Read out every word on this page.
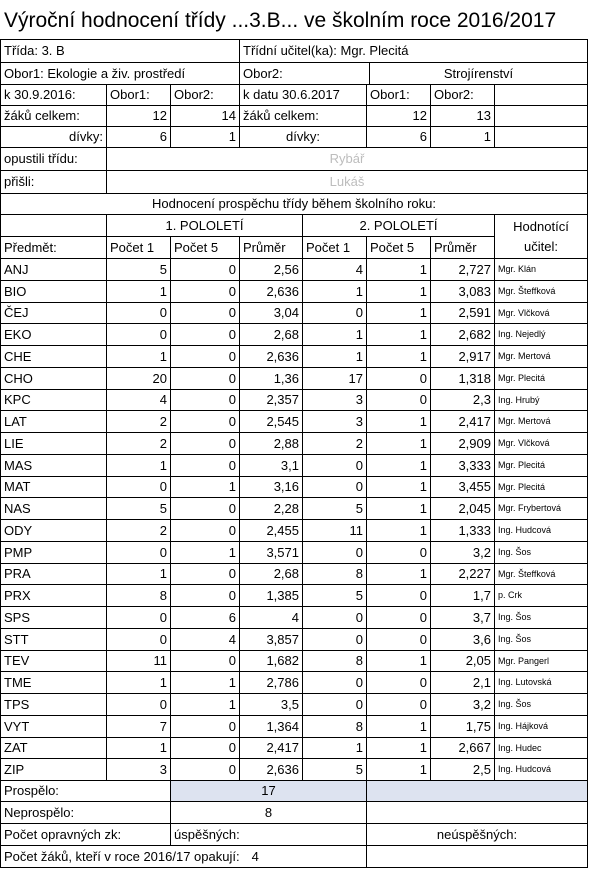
Výroční hodnocení třídy ...3.B... ve školním roce 2016/2017
Třída: 3. B	Třídní učitel(ka): Mgr. Plecitá
Obor1: Ekologie a živ. prostředí	Obor2:	Strojírenství
k 30.9.2016:	Obor1:	Obor2:	k datu 30.6.2017	Obor1:	Obor2:
žáků celkem:	12	14 žáků celkem:	12	13
dívky:	6	1	dívky:	6	1
opustili třídu:	Rybář
přišli:	Lukáš
Hodnocení prospěchu třídy během školního roku:
Předmět:
1. POLOLETÍ	2. POLOLETÍ	Hodnotící
učitel:
Počet 1	Počet 5	Průměr	Počet 1	Počet 5	Průměr
ANJ	5	0	2,56	4	1	2,727 Mgr. Klán
BIO	1	0	2,636	1	1	3,083 Mgr. Šteffková
ČEJ	0	0	3,04	0	1	2,591 Mgr. Vlčková
EKO	0	0	2,68	1	1	2,682 Ing. Nejedlý
CHE	1	0	2,636	1	1	2,917 Mgr. Mertová
CHO	20	0	1,36	17	0	1,318 Mgr. Plecitá
KPC	4	0	2,357	3	0	2,3 Ing. Hrubý
LAT	2	0	2,545	3	1	2,417 Mgr. Mertová
LIE	2	0	2,88	2	1	2,909 Mgr. Vlčková
MAS	1	0	3,1	0	1	3,333 Mgr. Plecitá
MAT	0	1	3,16	0	1	3,455 Mgr. Plecitá
NAS	5	0	2,28	5	1	2,045 Mgr. Frybertová
ODY	2	0	2,455	11	1	1,333 Ing. Hudcová
PMP	0	1	3,571	0	0	3,2 Ing. Šos
PRA	1	0	2,68	8	1	2,227 Mgr. Šteffková
PRX	8	0	1,385	5	0	1,7 p. Crk
SPS	0	6	4	0	0	3,7 Ing. Šos
STT	0	4	3,857	0	0	3,6 Ing. Šos
TEV	11	0	1,682	8	1	2,05 Mgr. Pangerl
TME	1	1	2,786	0	0	2,1 Ing. Lutovská
TPS	0	1	3,5	0	0	3,2 Ing. Šos
VYT	7	0	1,364	8	1	1,75 Ing. Hájková
ZAT	1	0	2,417	1	1	2,667 Ing. Hudec
ZIP	3	0	2,636	5	1	2,5 Ing. Hudcová
Prospělo:	17
Neprospělo:	8
Počet opravných zk:	úspěšných:	neúspěšných:
Počet žáků, kteří v roce 2016/17 opakují: 4
